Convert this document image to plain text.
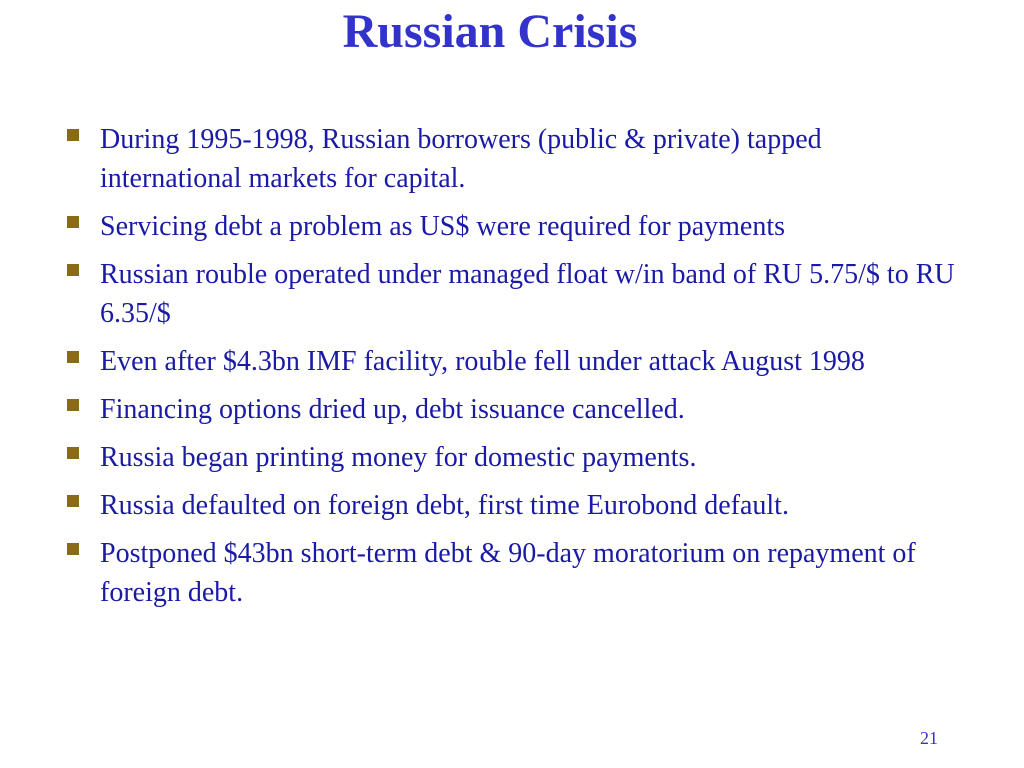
Russian Crisis
During 1995-1998, Russian borrowers (public & private) tapped international markets for capital.
Servicing debt a problem as US$ were required for payments
Russian rouble operated under managed float w/in band of RU 5.75/$ to RU 6.35/$
Even after $4.3bn IMF facility, rouble fell under attack August 1998
Financing options dried up, debt issuance cancelled.
Russia began printing money for domestic payments.
Russia defaulted on foreign debt, first time Eurobond default.
Postponed $43bn short-term debt & 90-day moratorium on repayment of foreign debt.
21
